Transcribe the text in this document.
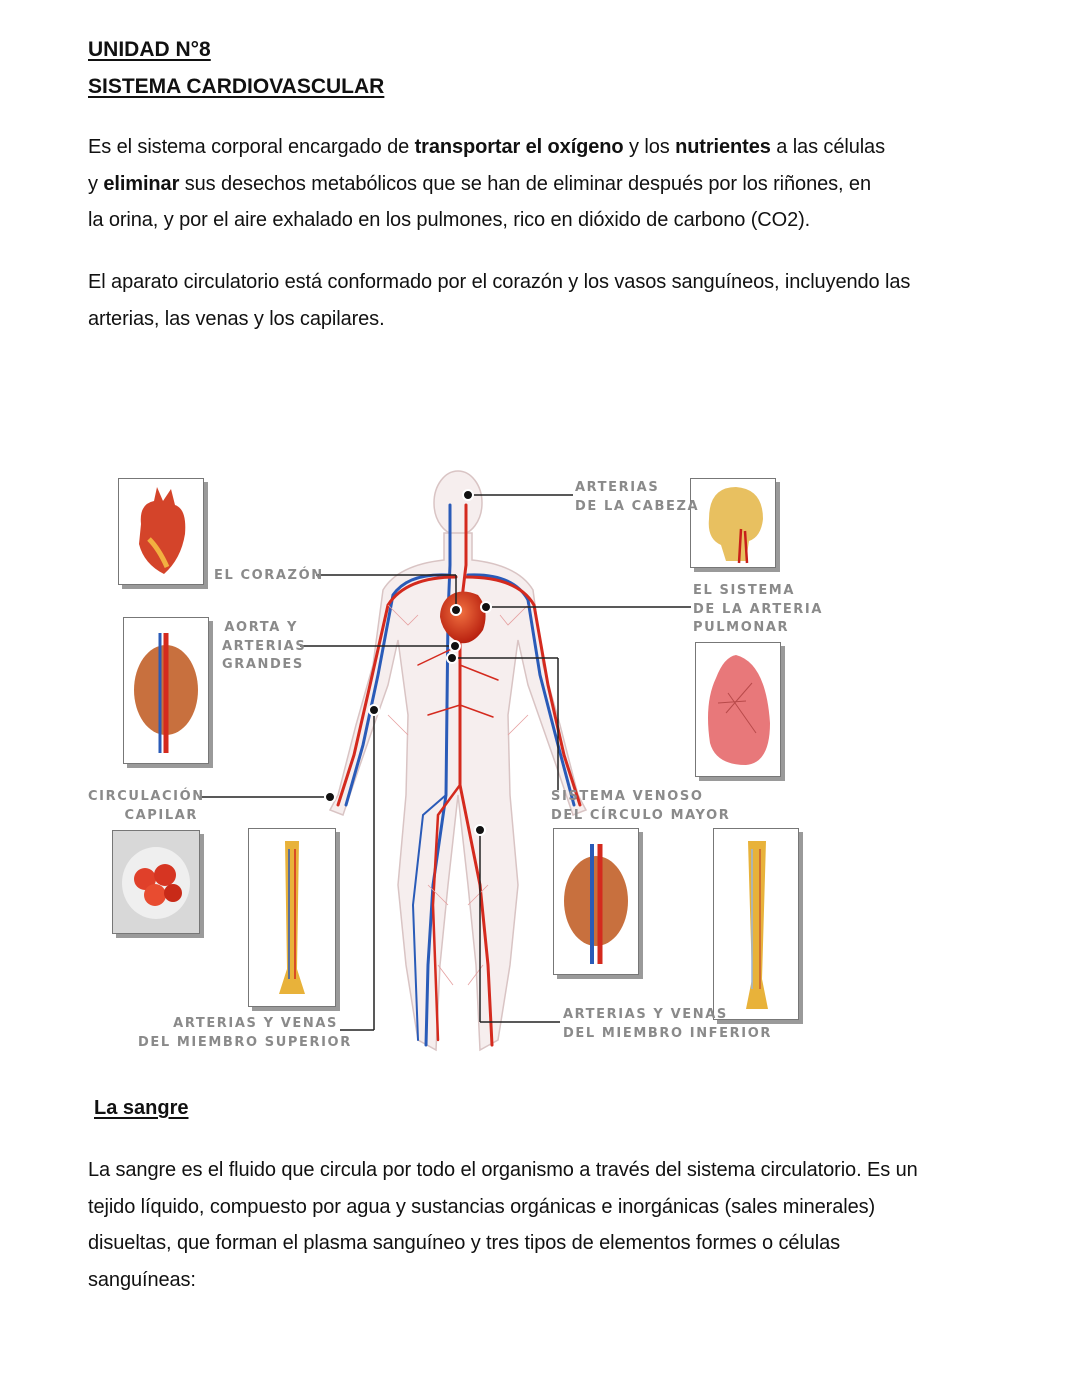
UNIDAD N°8
SISTEMA CARDIOVASCULAR
Es el sistema corporal encargado de transportar el oxígeno y los nutrientes a las células
y eliminar sus desechos metabólicos que se han de eliminar después por los riñones, en
la orina, y por el aire exhalado en los pulmones, rico en dióxido de carbono (CO2).
El aparato circulatorio está conformado por el corazón y los vasos sanguíneos, incluyendo las
arterias, las venas y los capilares.
EL CORAZÓN
AORTA Y
ARTERIAS
GRANDES
CIRCULACIÓN
CAPILAR
ARTERIAS Y VENAS
DEL MIEMBRO SUPERIOR
ARTERIAS
DE LA CABEZA
EL SISTEMA
DE LA ARTERIA
PULMONAR
SISTEMA VENOSO
DEL CÍRCULO MAYOR
ARTERIAS Y VENAS
DEL MIEMBRO INFERIOR
La sangre
La sangre es el fluido que circula por todo el organismo a través del sistema circulatorio. Es un
tejido líquido, compuesto por agua y sustancias orgánicas e inorgánicas (sales minerales)
disueltas, que forman el plasma sanguíneo y tres tipos de elementos formes o células
sanguíneas:
